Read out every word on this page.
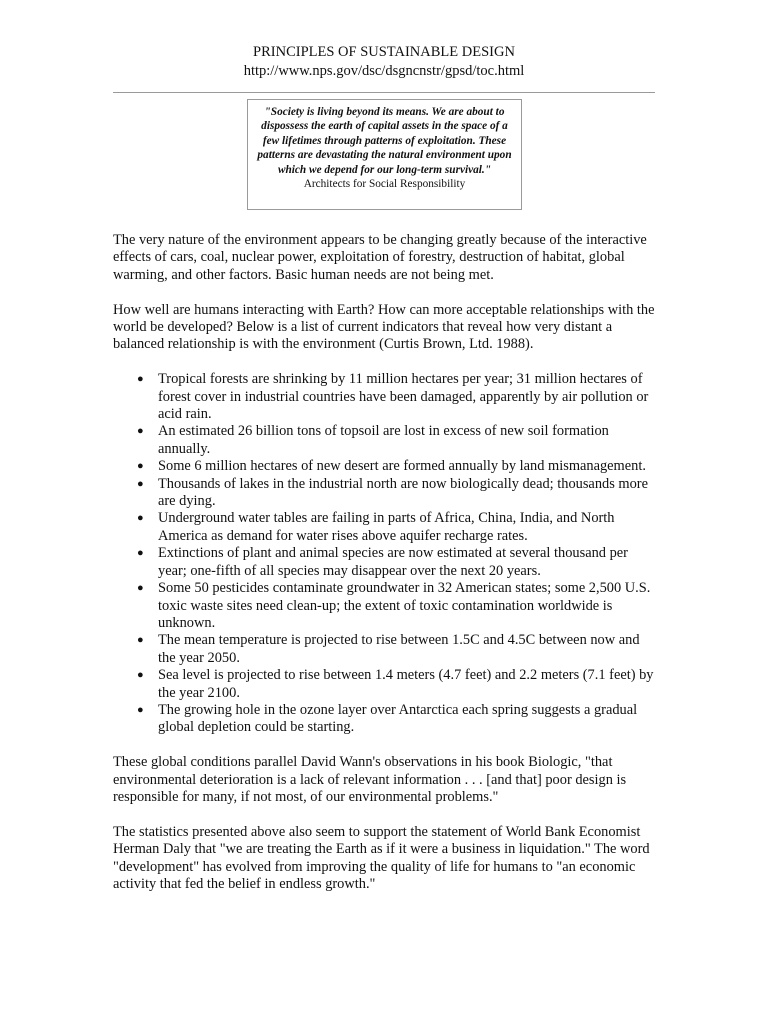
PRINCIPLES OF SUSTAINABLE DESIGN
http://www.nps.gov/dsc/dsgncnstr/gpsd/toc.html

"Society is living beyond its means. We are about to dispossess the earth of capital assets in the space of a few lifetimes through patterns of exploitation. These patterns are devastating the natural environment upon which we depend for our long-term survival."

Architects for Social Responsibility

The very nature of the environment appears to be changing greatly because of the interactive effects of cars, coal, nuclear power, exploitation of forestry, destruction of habitat, global warming, and other factors. Basic human needs are not being met.

How well are humans interacting with Earth? How can more acceptable relationships with the world be developed? Below is a list of current indicators that reveal how very distant a balanced relationship is with the environment (Curtis Brown, Ltd. 1988).

● Tropical forests are shrinking by 11 million hectares per year; 31 million hectares of forest cover in industrial countries have been damaged, apparently by air pollution or acid rain.
● An estimated 26 billion tons of topsoil are lost in excess of new soil formation annually.
● Some 6 million hectares of new desert are formed annually by land mismanagement.
● Thousands of lakes in the industrial north are now biologically dead; thousands more are dying.
● Underground water tables are failing in parts of Africa, China, India, and North America as demand for water rises above aquifer recharge rates.
● Extinctions of plant and animal species are now estimated at several thousand per year; one-fifth of all species may disappear over the next 20 years.
● Some 50 pesticides contaminate groundwater in 32 American states; some 2,500 U.S. toxic waste sites need clean-up; the extent of toxic contamination worldwide is unknown.
● The mean temperature is projected to rise between 1.5C and 4.5C between now and the year 2050.
● Sea level is projected to rise between 1.4 meters (4.7 feet) and 2.2 meters (7.1 feet) by the year 2100.
● The growing hole in the ozone layer over Antarctica each spring suggests a gradual global depletion could be starting.

These global conditions parallel David Wann's observations in his book Biologic, "that environmental deterioration is a lack of relevant information . . . [and that] poor design is responsible for many, if not most, of our environmental problems."

The statistics presented above also seem to support the statement of World Bank Economist Herman Daly that "we are treating the Earth as if it were a business in liquidation." The word "development" has evolved from improving the quality of life for humans to "an economic activity that fed the belief in endless growth."
